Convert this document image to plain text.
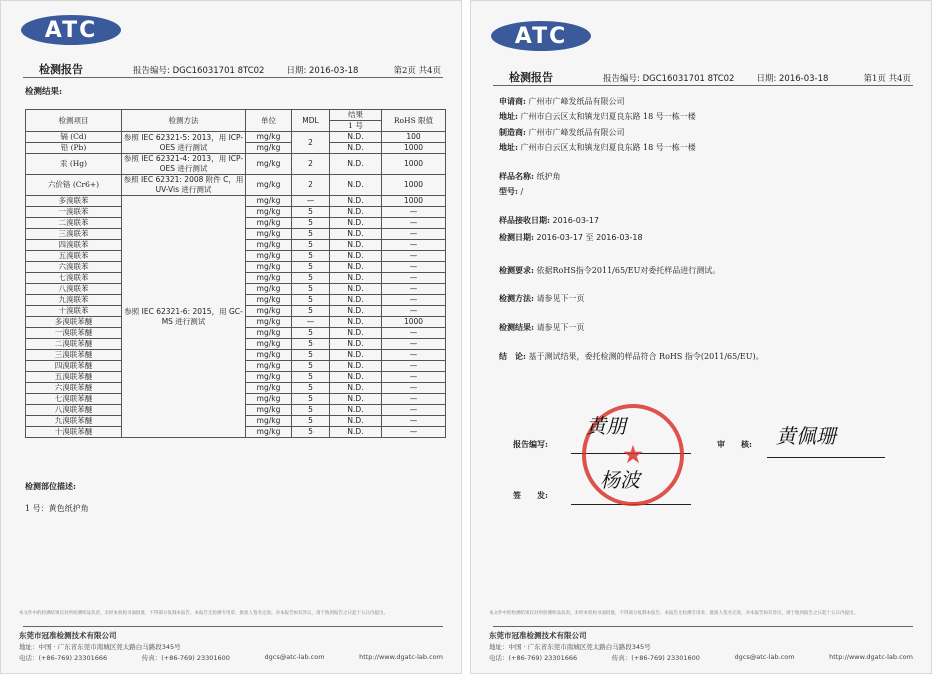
ATC
检测报告	报告编号: DGC16031701 8TC02	日期: 2016-03-18	第2页 共4页
检测结果:
检测项目	检测方法	单位	MDL	结果	RoHS 限值
				1 号	
镉 (Cd)	参照 IEC 62321-5: 2013，用 ICP-OES 进行测试	mg/kg	2	N.D.	100
铅 (Pb)		mg/kg		N.D.	1000
汞 (Hg)	参照 IEC 62321-4: 2013，用 ICP-OES 进行测试	mg/kg	2	N.D.	1000
六价铬 (Cr6+)	参照 IEC 62321: 2008 附件 C，用 UV-Vis 进行测试	mg/kg	2	N.D.	1000
多溴联苯	参照 IEC 62321-6: 2015，用 GC-MS 进行测试	mg/kg	—	N.D.	1000
一溴联苯		mg/kg	5	N.D.	—
二溴联苯		mg/kg	5	N.D.	—
三溴联苯		mg/kg	5	N.D.	—
四溴联苯		mg/kg	5	N.D.	—
五溴联苯		mg/kg	5	N.D.	—
六溴联苯		mg/kg	5	N.D.	—
七溴联苯		mg/kg	5	N.D.	—
八溴联苯		mg/kg	5	N.D.	—
九溴联苯		mg/kg	5	N.D.	—
十溴联苯		mg/kg	5	N.D.	—
多溴联苯醚		mg/kg	—	N.D.	1000
一溴联苯醚		mg/kg	5	N.D.	—
二溴联苯醚		mg/kg	5	N.D.	—
三溴联苯醚		mg/kg	5	N.D.	—
四溴联苯醚		mg/kg	5	N.D.	—
五溴联苯醚		mg/kg	5	N.D.	—
六溴联苯醚		mg/kg	5	N.D.	—
七溴联苯醚		mg/kg	5	N.D.	—
八溴联苯醚		mg/kg	5	N.D.	—
九溴联苯醚		mg/kg	5	N.D.	—
十溴联苯醚		mg/kg	5	N.D.	—
检测部位描述:
1 号：黄色纸护角
本文件中的检测结果仅对所检测样品负责。未经本机构书面批准，不得部分复制本报告。本报告无检测专用章、批准人签名无效。对本报告如有异议，请于收到报告之日起十五日内提出。
东莞市冠准检测技术有限公司
地址：中国 · 广东省东莞市南城区莞太路白马路段345号
电话：(+86-769) 23301666	传真：(+86-769) 23301600	dgcs@atc-lab.com	http://www.dgatc-lab.com
ATC
检测报告	报告编号: DGC16031701 8TC02	日期: 2016-03-18	第1页 共4页
申请商: 广州市广峰发纸品有限公司
地址: 广州市白云区太和镇龙归夏良东路 18 号一栋一楼
制造商: 广州市广峰发纸品有限公司
地址: 广州市白云区太和镇龙归夏良东路 18 号一栋一楼
样品名称: 纸护角
型号: /
样品接收日期: 2016-03-17
检测日期: 2016-03-17 至 2016-03-18
检测要求: 依据RoHS指令2011/65/EU对委托样品进行测试。
检测方法: 请参见下一页
检测结果: 请参见下一页
结　论: 基于测试结果，委托检测的样品符合 RoHS 指令(2011/65/EU)。
报告编写:	审　　核:
签　　发:
本文件中的检测结果仅对所检测样品负责。未经本机构书面批准，不得部分复制本报告。本报告无检测专用章、批准人签名无效。对本报告如有异议，请于收到报告之日起十五日内提出。
东莞市冠准检测技术有限公司
地址：中国 · 广东省东莞市南城区莞太路白马路段345号
电话：(+86-769) 23301666	传真：(+86-769) 23301600	dgcs@atc-lab.com	http://www.dgatc-lab.com
★
黄朋
杨波
黄佩珊
